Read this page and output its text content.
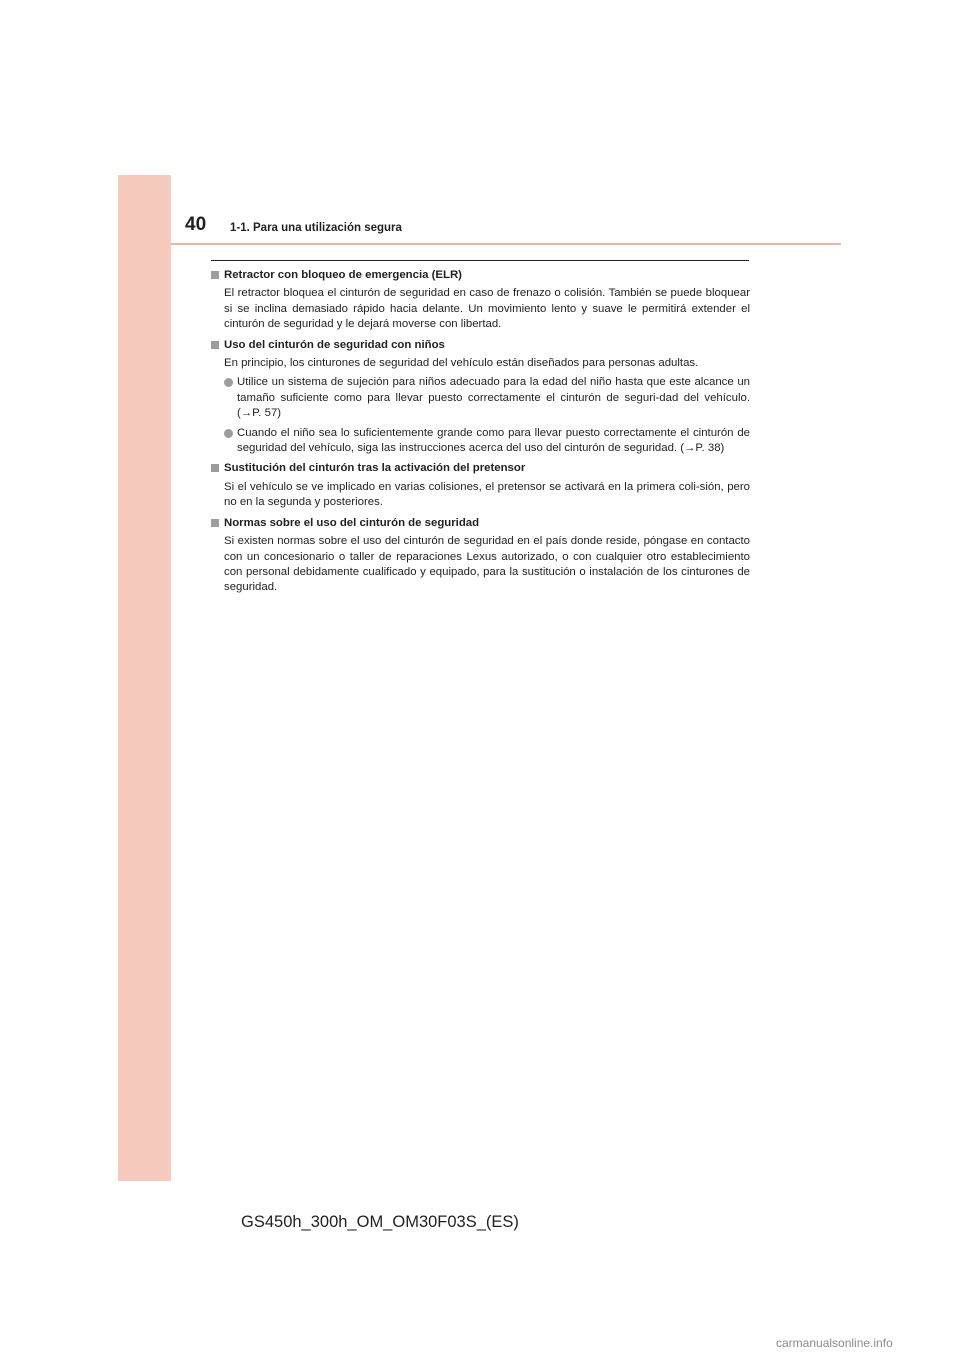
40 1-1. Para una utilización segura
Retractor con bloqueo de emergencia (ELR)
El retractor bloquea el cinturón de seguridad en caso de frenazo o colisión. También se puede bloquear si se inclina demasiado rápido hacia delante. Un movimiento lento y suave le permitirá extender el cinturón de seguridad y le dejará moverse con libertad.
Uso del cinturón de seguridad con niños
En principio, los cinturones de seguridad del vehículo están diseñados para personas adultas.
Utilice un sistema de sujeción para niños adecuado para la edad del niño hasta que este alcance un tamaño suficiente como para llevar puesto correctamente el cinturón de seguri-dad del vehículo. (→P. 57)
Cuando el niño sea lo suficientemente grande como para llevar puesto correctamente el cinturón de seguridad del vehículo, siga las instrucciones acerca del uso del cinturón de seguridad. (→P. 38)
Sustitución del cinturón tras la activación del pretensor
Si el vehículo se ve implicado en varias colisiones, el pretensor se activará en la primera coli-sión, pero no en la segunda y posteriores.
Normas sobre el uso del cinturón de seguridad
Si existen normas sobre el uso del cinturón de seguridad en el país donde reside, póngase en contacto con un concesionario o taller de reparaciones Lexus autorizado, o con cualquier otro establecimiento con personal debidamente cualificado y equipado, para la sustitución o instalación de los cinturones de seguridad.
GS450h_300h_OM_OM30F03S_(ES)
carmanualsonline.info
